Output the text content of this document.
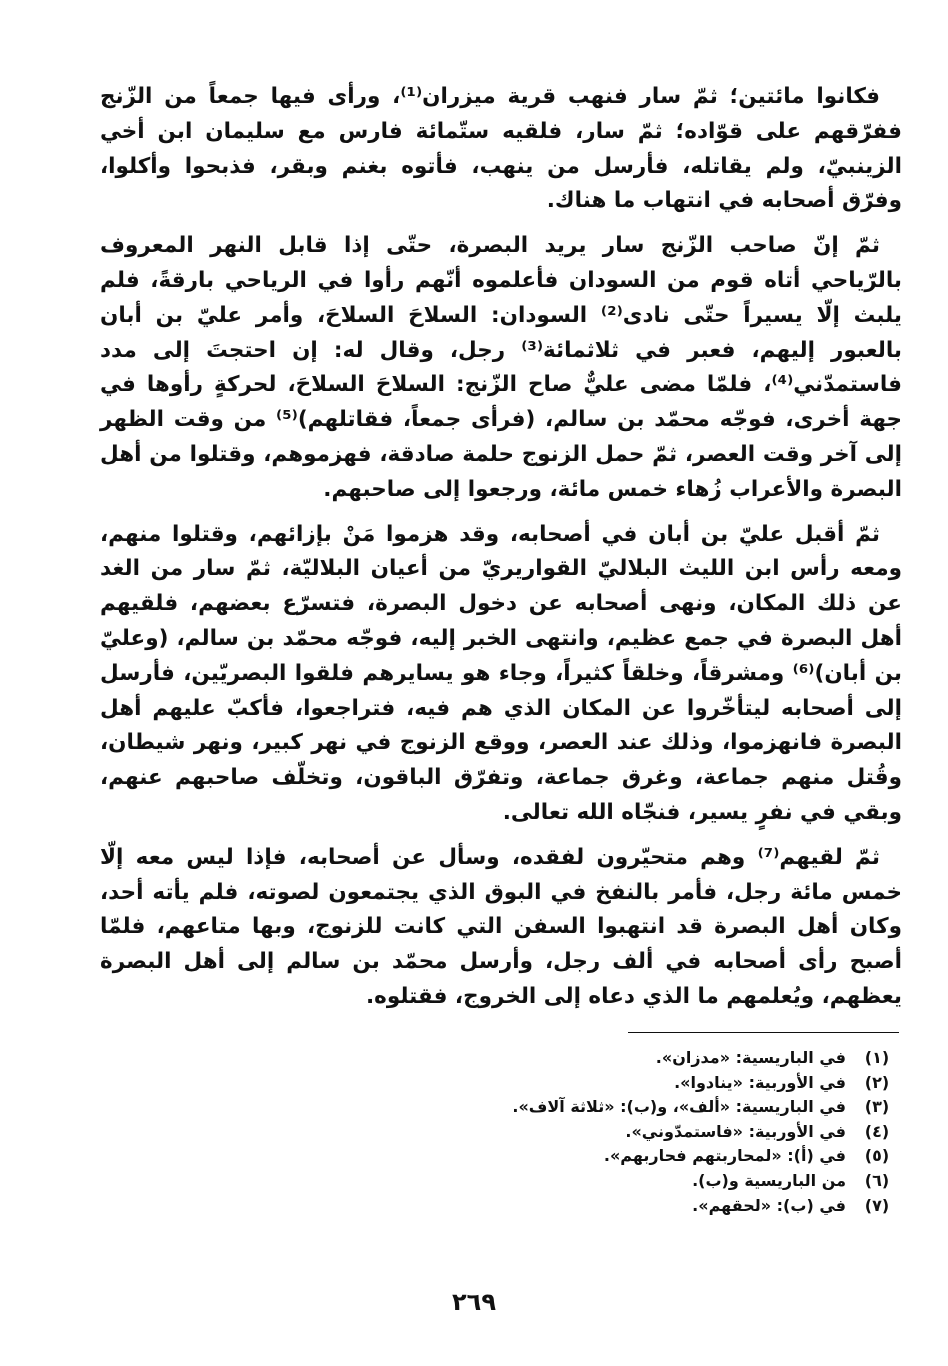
فكانوا مائتين؛ ثمّ سار فنهب قرية ميزران⁽¹⁾، ورأى فيها جمعاً من الزّنج ففرّقهم على قوّاده؛ ثمّ سار، فلقيه ستّمائة فارس مع سليمان ابن أخي الزينبيّ، ولم يقاتله، فأرسل من ينهب، فأتوه بغنم وبقر، فذبحوا وأكلوا، وفرّق أصحابه في انتهاب ما هناك.

ثمّ إنّ صاحب الزّنج سار يريد البصرة، حتّى إذا قابل النهر المعروف بالرّياحي أتاه قوم من السودان فأعلموه أنّهم رأوا في الرياحي بارقةً، فلم يلبث إلّا يسيراً حتّى نادى⁽²⁾ السودان: السلاحَ السلاحَ، وأمر عليّ بن أبان بالعبور إليهم، فعبر في ثلاثمائة⁽³⁾ رجل، وقال له: إن احتجتَ إلى مدد فاستمدّني⁽⁴⁾، فلمّا مضى عليٌّ صاح الزّنج: السلاحَ السلاحَ، لحركةٍ رأوها في جهة أخرى، فوجّه محمّد بن سالم، (فرأى جمعاً، فقاتلهم)⁽⁵⁾ من وقت الظهر إلى آخر وقت العصر، ثمّ حمل الزنوج حلمة صادقة، فهزموهم، وقتلوا من أهل البصرة والأعراب زُهاء خمس مائة، ورجعوا إلى صاحبهم.

ثمّ أقبل عليّ بن أبان في أصحابه، وقد هزموا مَنْ بإزائهم، وقتلوا منهم، ومعه رأس ابن الليث البلاليّ القواريريّ من أعيان البلاليّة، ثمّ سار من الغد عن ذلك المكان، ونهى أصحابه عن دخول البصرة، فتسرّع بعضهم، فلقيهم أهل البصرة في جمع عظيم، وانتهى الخبر إليه، فوجّه محمّد بن سالم، (وعليّ بن أبان)⁽⁶⁾ ومشرقاً، وخلقاً كثيراً، وجاء هو يسايرهم فلقوا البصريّين، فأرسل إلى أصحابه ليتأخّروا عن المكان الذي هم فيه، فتراجعوا، فأكبّ عليهم أهل البصرة فانهزموا، وذلك عند العصر، ووقع الزنوج في نهر كبير، ونهر شيطان، وقُتل منهم جماعة، وغرق جماعة، وتفرّق الباقون، وتخلّف صاحبهم عنهم، وبقي في نفرٍ يسير، فنجّاه الله تعالى.

ثمّ لقيهم⁽⁷⁾ وهم متحيّرون لفقده، وسأل عن أصحابه، فإذا ليس معه إلّا خمس مائة رجل، فأمر بالنفخ في البوق الذي يجتمعون لصوته، فلم يأته أحد، وكان أهل البصرة قد انتهبوا السفن التي كانت للزنوج، وبها متاعهم، فلمّا أصبح رأى أصحابه في ألف رجل، وأرسل محمّد بن سالم إلى أهل البصرة يعظهم، ويُعلمهم ما الذي دعاه إلى الخروج، فقتلوه.

(١)
في الباريسية: «مدزان».
(٢)
في الأوربية: «ينادوا».
(٣)
في الباريسية: «ألف»، و(ب): «ثلاثة آلاف».
(٤)
في الأوربية: «فاستمدّوني».
(٥)
في (أ): «لمحاربتهم فحاربهم».
(٦)
من الباريسية و(ب).
(٧)
في (ب): «لحقهم».
٢٦٩
